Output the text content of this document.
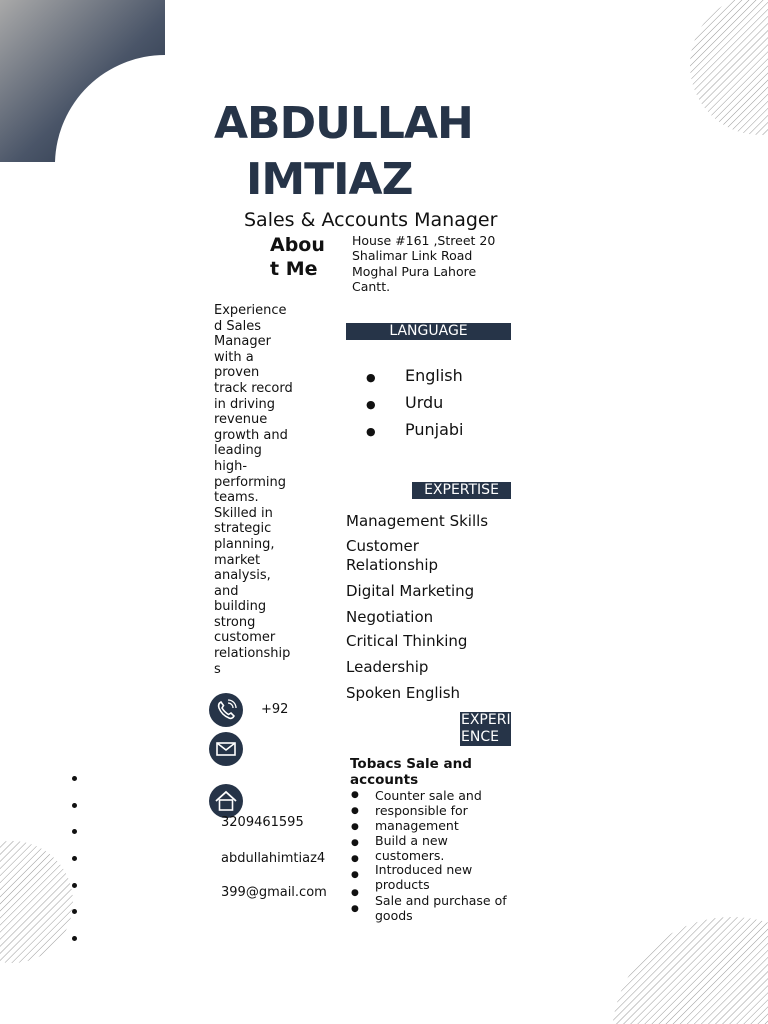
ABDULLAH
IMTIAZ
Sales & Accounts Manager
About Me
Experienced Sales Manager with a proven track record in driving revenue growth and leading high-performing teams. Skilled in strategic planning, market analysis, and building strong customer relationships
House #161 ,Street 20 Shalimar Link Road Moghal Pura Lahore Cantt.
LANGUAGE
● English
● Urdu
● Punjabi
EXPERTISE
Management Skills
Customer Relationship
Digital Marketing
Negotiation
Critical Thinking
Leadership
Spoken English
+92
3209461595
abdullahimtiaz4
399@gmail.com
EXPERIENCE
Tobacs Sale and accounts
●
●
●
●
●
●
●
●
Counter sale and responsible for management
Build a new customers.
Introduced new products
Sale and purchase of goods
